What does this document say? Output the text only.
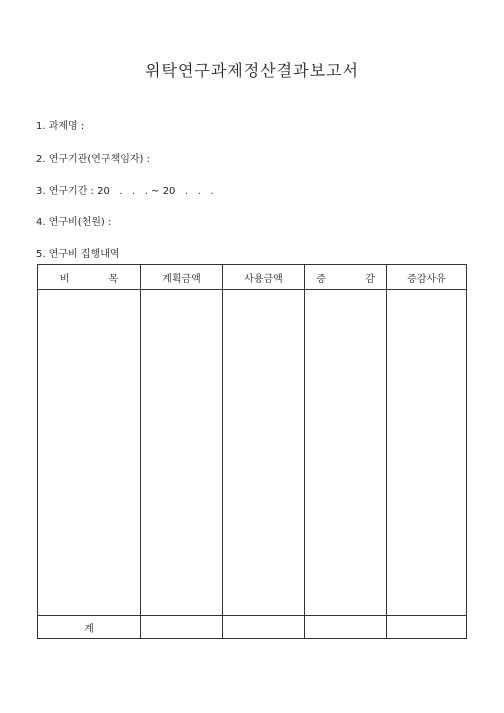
위탁연구과제정산결과보고서
1. 과제명 :
2. 연구기관(연구책임자) :
3. 연구기간 : 20   .   .   . ~ 20   .   .   .
4. 연구비(천원) :
5. 연구비 집행내역
비 목	계획금액	사용금액	증 감	증감사유

계				
